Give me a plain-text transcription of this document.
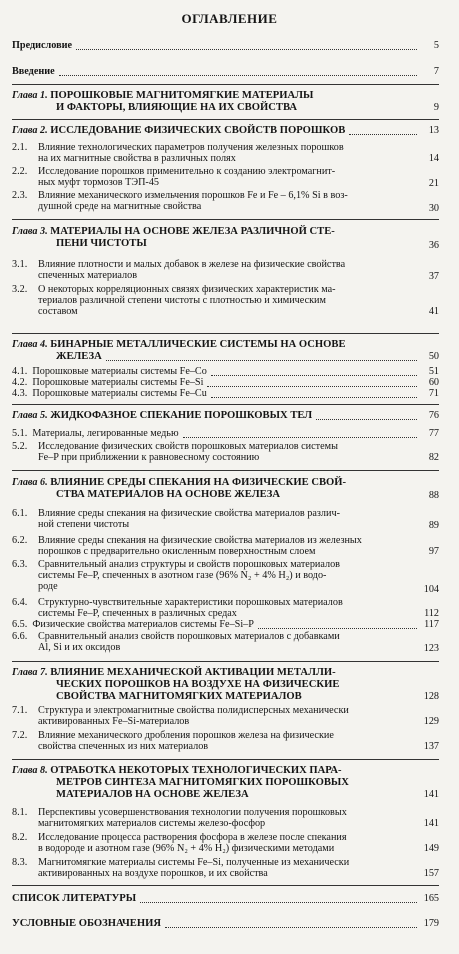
ОГЛАВЛЕНИЕ
Предисловие	5
Введение	7
Глава 1. ПОРОШКОВЫЕ МАГНИТОМЯГКИЕ МАТЕРИАЛЫ
И ФАКТОРЫ, ВЛИЯЮЩИЕ НА ИХ СВОЙСТВА	9
Глава 2. ИССЛЕДОВАНИЕ ФИЗИЧЕСКИХ СВОЙСТВ ПОРОШКОВ	13
2.1. Влияние технологических параметров получения железных порошков
на их магнитные свойства в различных полях	14
2.2. Исследование порошков применительно к созданию электромагнит-
ных муфт тормозов ТЭП-45	21
2.3. Влияние механического измельчения порошков Fe и Fe – 6,1% Si в воз-
душной среде на магнитные свойства	30
Глава 3. МАТЕРИАЛЫ НА ОСНОВЕ ЖЕЛЕЗА РАЗЛИЧНОЙ СТЕ-
ПЕНИ ЧИСТОТЫ	36
3.1. Влияние плотности и малых добавок в железе на физические свойства
спеченных материалов	37
3.2. О некоторых корреляционных связях физических характеристик ма-
териалов различной степени чистоты с плотностью и химическим
составом	41
Глава 4. БИНАРНЫЕ МЕТАЛЛИЧЕСКИЕ СИСТЕМЫ НА ОСНОВЕ
ЖЕЛЕЗА	50
4.1. Порошковые материалы системы Fe–Co	51
4.2. Порошковые материалы системы Fe–Si	60
4.3. Порошковые материалы системы Fe–Cu	71
Глава 5. ЖИДКОФАЗНОЕ СПЕКАНИЕ ПОРОШКОВЫХ ТЕЛ	76
5.1. Материалы, легированные медью	77
5.2. Исследование физических свойств порошковых материалов системы
Fe–P при приближении к равновесному состоянию	82
Глава 6. ВЛИЯНИЕ СРЕДЫ СПЕКАНИЯ НА ФИЗИЧЕСКИЕ СВОЙ-
СТВА МАТЕРИАЛОВ НА ОСНОВЕ ЖЕЛЕЗА	88
6.1. Влияние среды спекания на физические свойства материалов различ-
ной степени чистоты	89
6.2. Влияние среды спекания на физические свойства материалов из железных
порошков с предварительно окисленным поверхностным слоем	97
6.3. Сравнительный анализ структуры и свойств порошковых материалов
системы Fe–P, спеченных в азотном газе (96% N₂ + 4% H₂) и водо-
роде	104
6.4. Структурно-чувствительные характеристики порошковых материалов
системы Fe–P, спеченных в различных средах	112
6.5. Физические свойства материалов системы Fe–Si–P	117
6.6. Сравнительный анализ свойств порошковых материалов с добавками
Al, Si и их оксидов	123
Глава 7. ВЛИЯНИЕ МЕХАНИЧЕСКОЙ АКТИВАЦИИ МЕТАЛЛИ-
ЧЕСКИХ ПОРОШКОВ НА ВОЗДУХЕ НА ФИЗИЧЕСКИЕ
СВОЙСТВА МАГНИТОМЯГКИХ МАТЕРИАЛОВ	128
7.1. Структура и электромагнитные свойства полидисперсных механически
активированных Fe–Si-материалов	129
7.2. Влияние механического дробления порошков железа на физические
свойства спеченных из них материалов	137
Глава 8. ОТРАБОТКА НЕКОТОРЫХ ТЕХНОЛОГИЧЕСКИХ ПАРА-
МЕТРОВ СИНТЕЗА МАГНИТОМЯГКИХ ПОРОШКОВЫХ
МАТЕРИАЛОВ НА ОСНОВЕ ЖЕЛЕЗА	141
8.1. Перспективы усовершенствования технологии получения порошковых
магнитомягких материалов системы железо-фосфор	141
8.2. Исследование процесса растворения фосфора в железе после спекания
в водороде и азотном газе (96% N₂ + 4% H₂) физическими методами	149
8.3. Магнитомягкие материалы системы Fe–Si, полученные из механически
активированных на воздухе порошков, и их свойства	157
СПИСОК ЛИТЕРАТУРЫ	165
УСЛОВНЫЕ ОБОЗНАЧЕНИЯ	179
